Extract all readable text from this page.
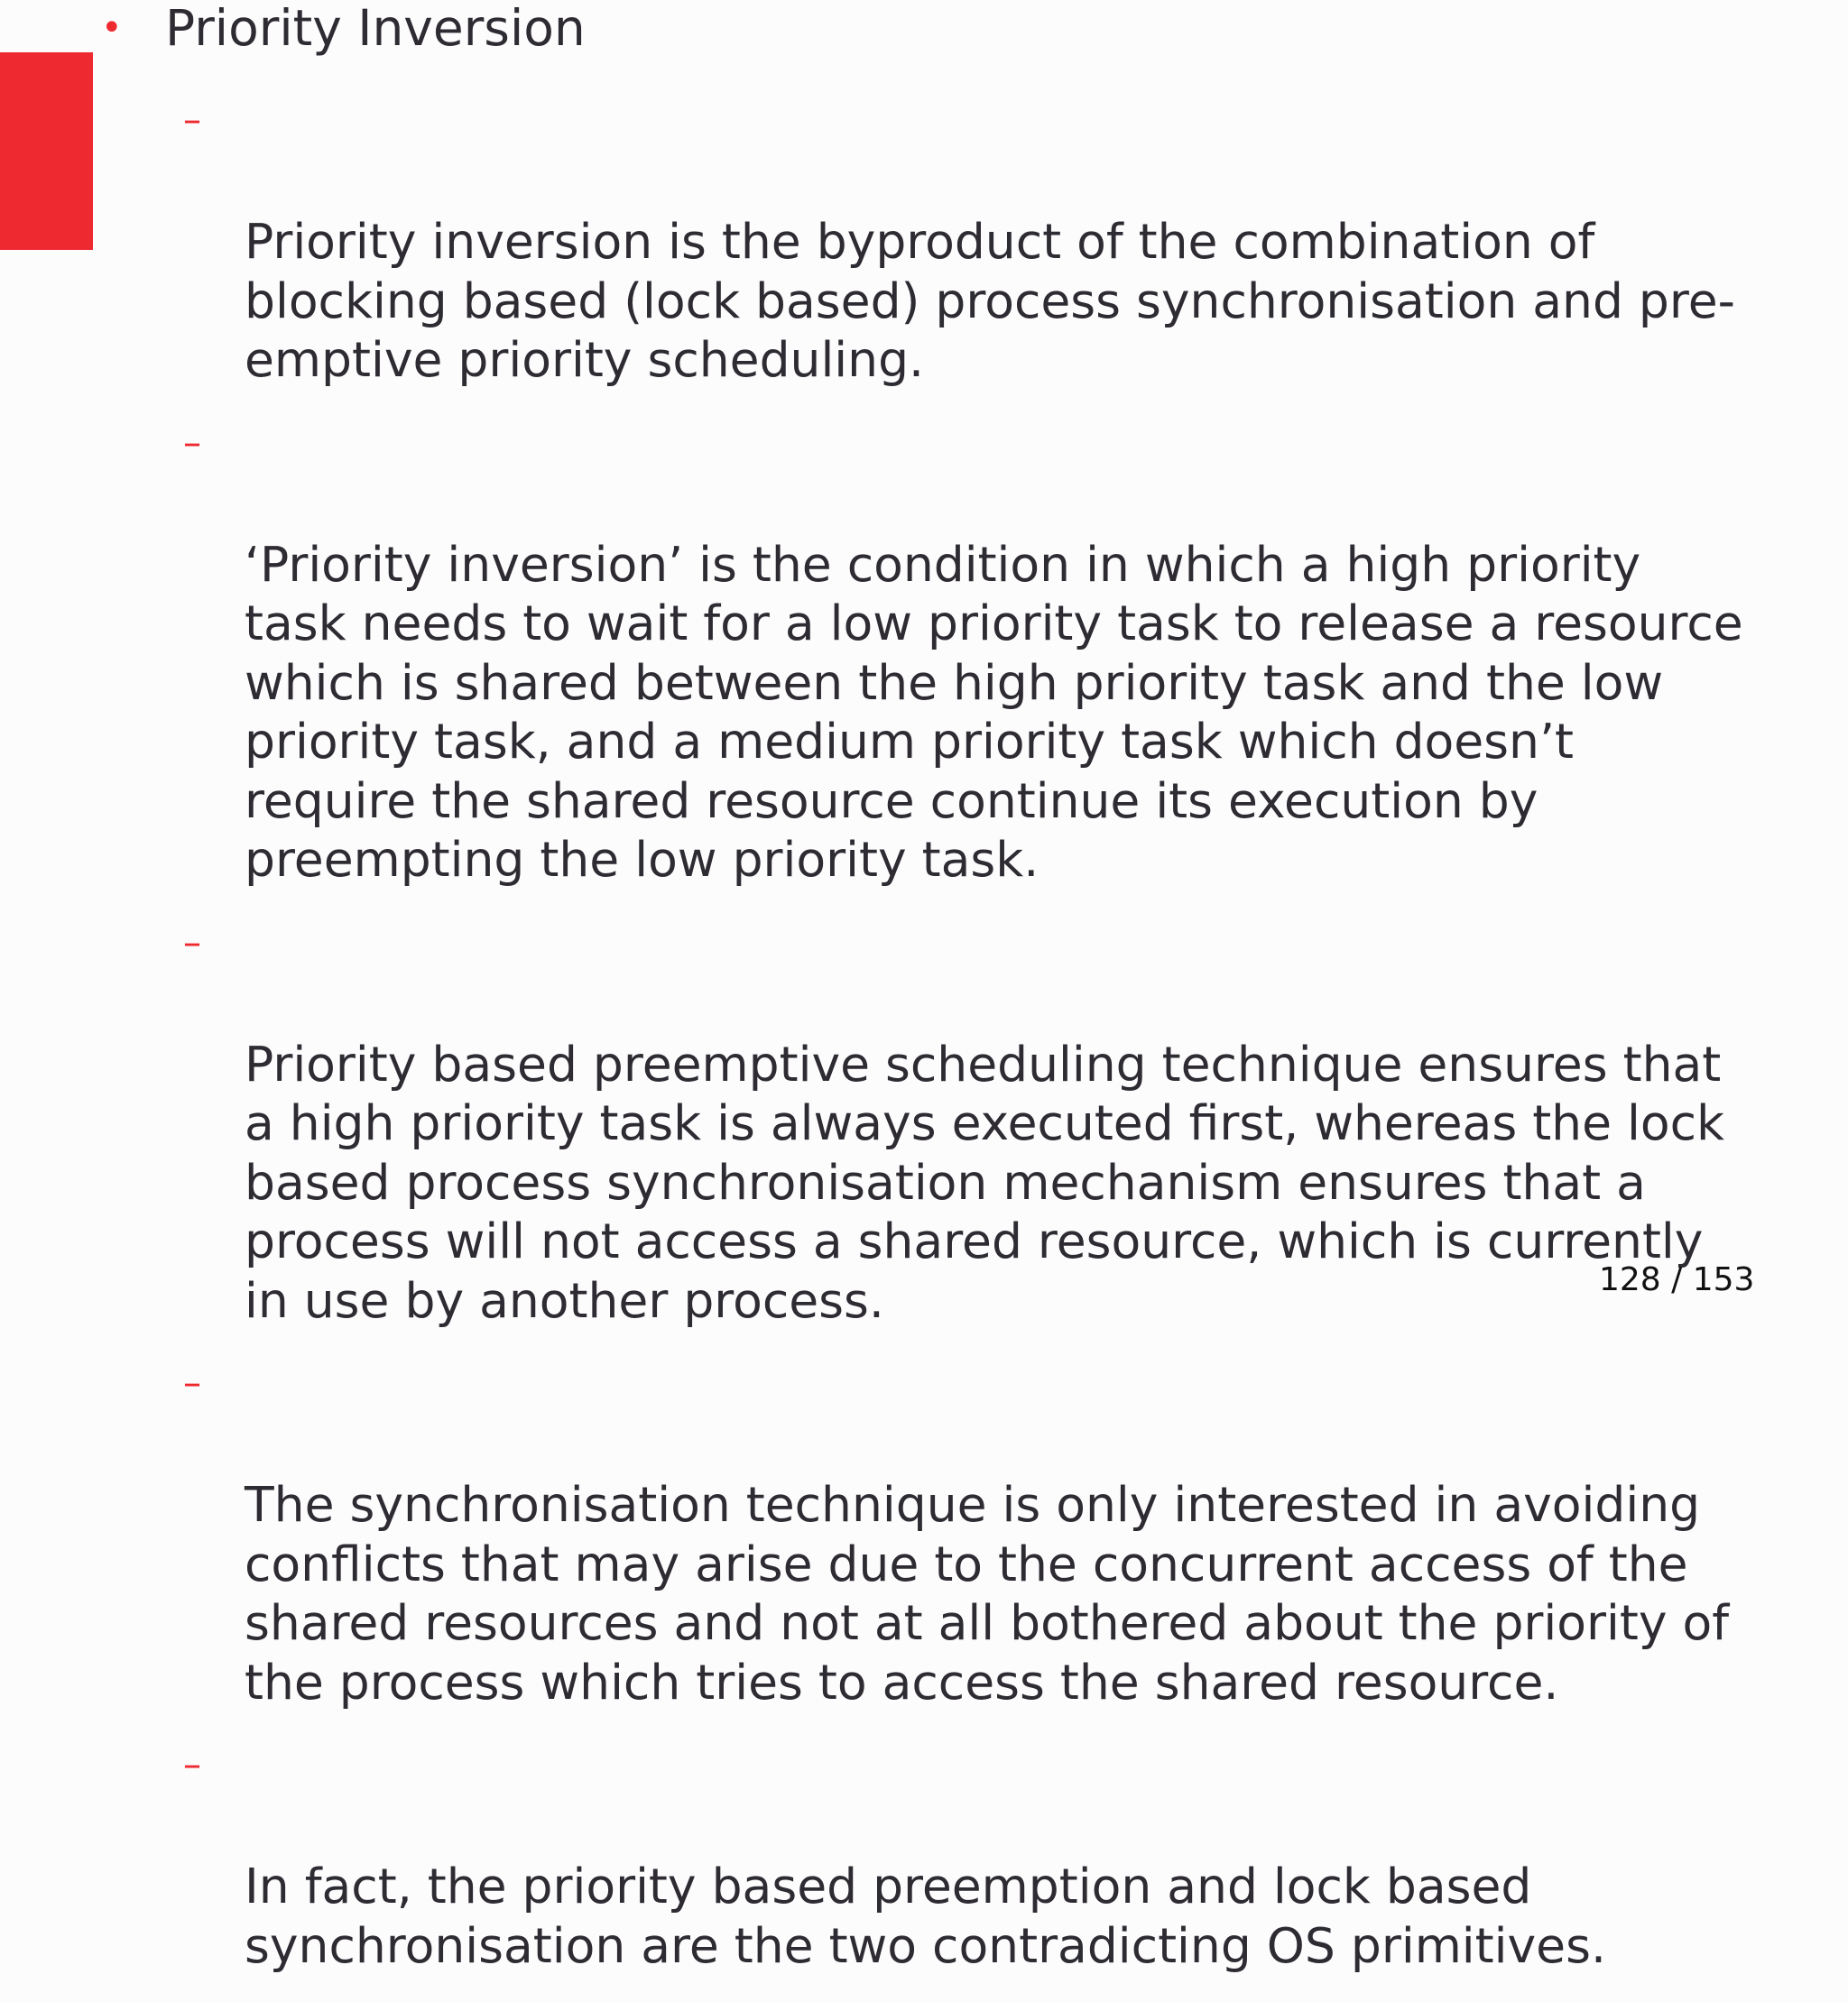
• Priority Inversion

–

Priority inversion is the byproduct of the combination of
blocking based (lock based) process synchronisation and pre-
emptive priority scheduling.

–

‘Priority inversion’ is the condition in which a high priority
task needs to wait for a low priority task to release a resource
which is shared between the high priority task and the low
priority task, and a medium priority task which doesn’t
require the shared resource continue its execution by
preempting the low priority task.

–

Priority based preemptive scheduling technique ensures that
a high priority task is always executed first, whereas the lock
based process synchronisation mechanism ensures that a
process will not access a shared resource, which is currently
in use by another process.

–

The synchronisation technique is only interested in avoiding
conflicts that may arise due to the concurrent access of the
shared resources and not at all bothered about the priority of
the process which tries to access the shared resource.

–

In fact, the priority based preemption and lock based
synchronisation are the two contradicting OS primitives.

128 / 153
